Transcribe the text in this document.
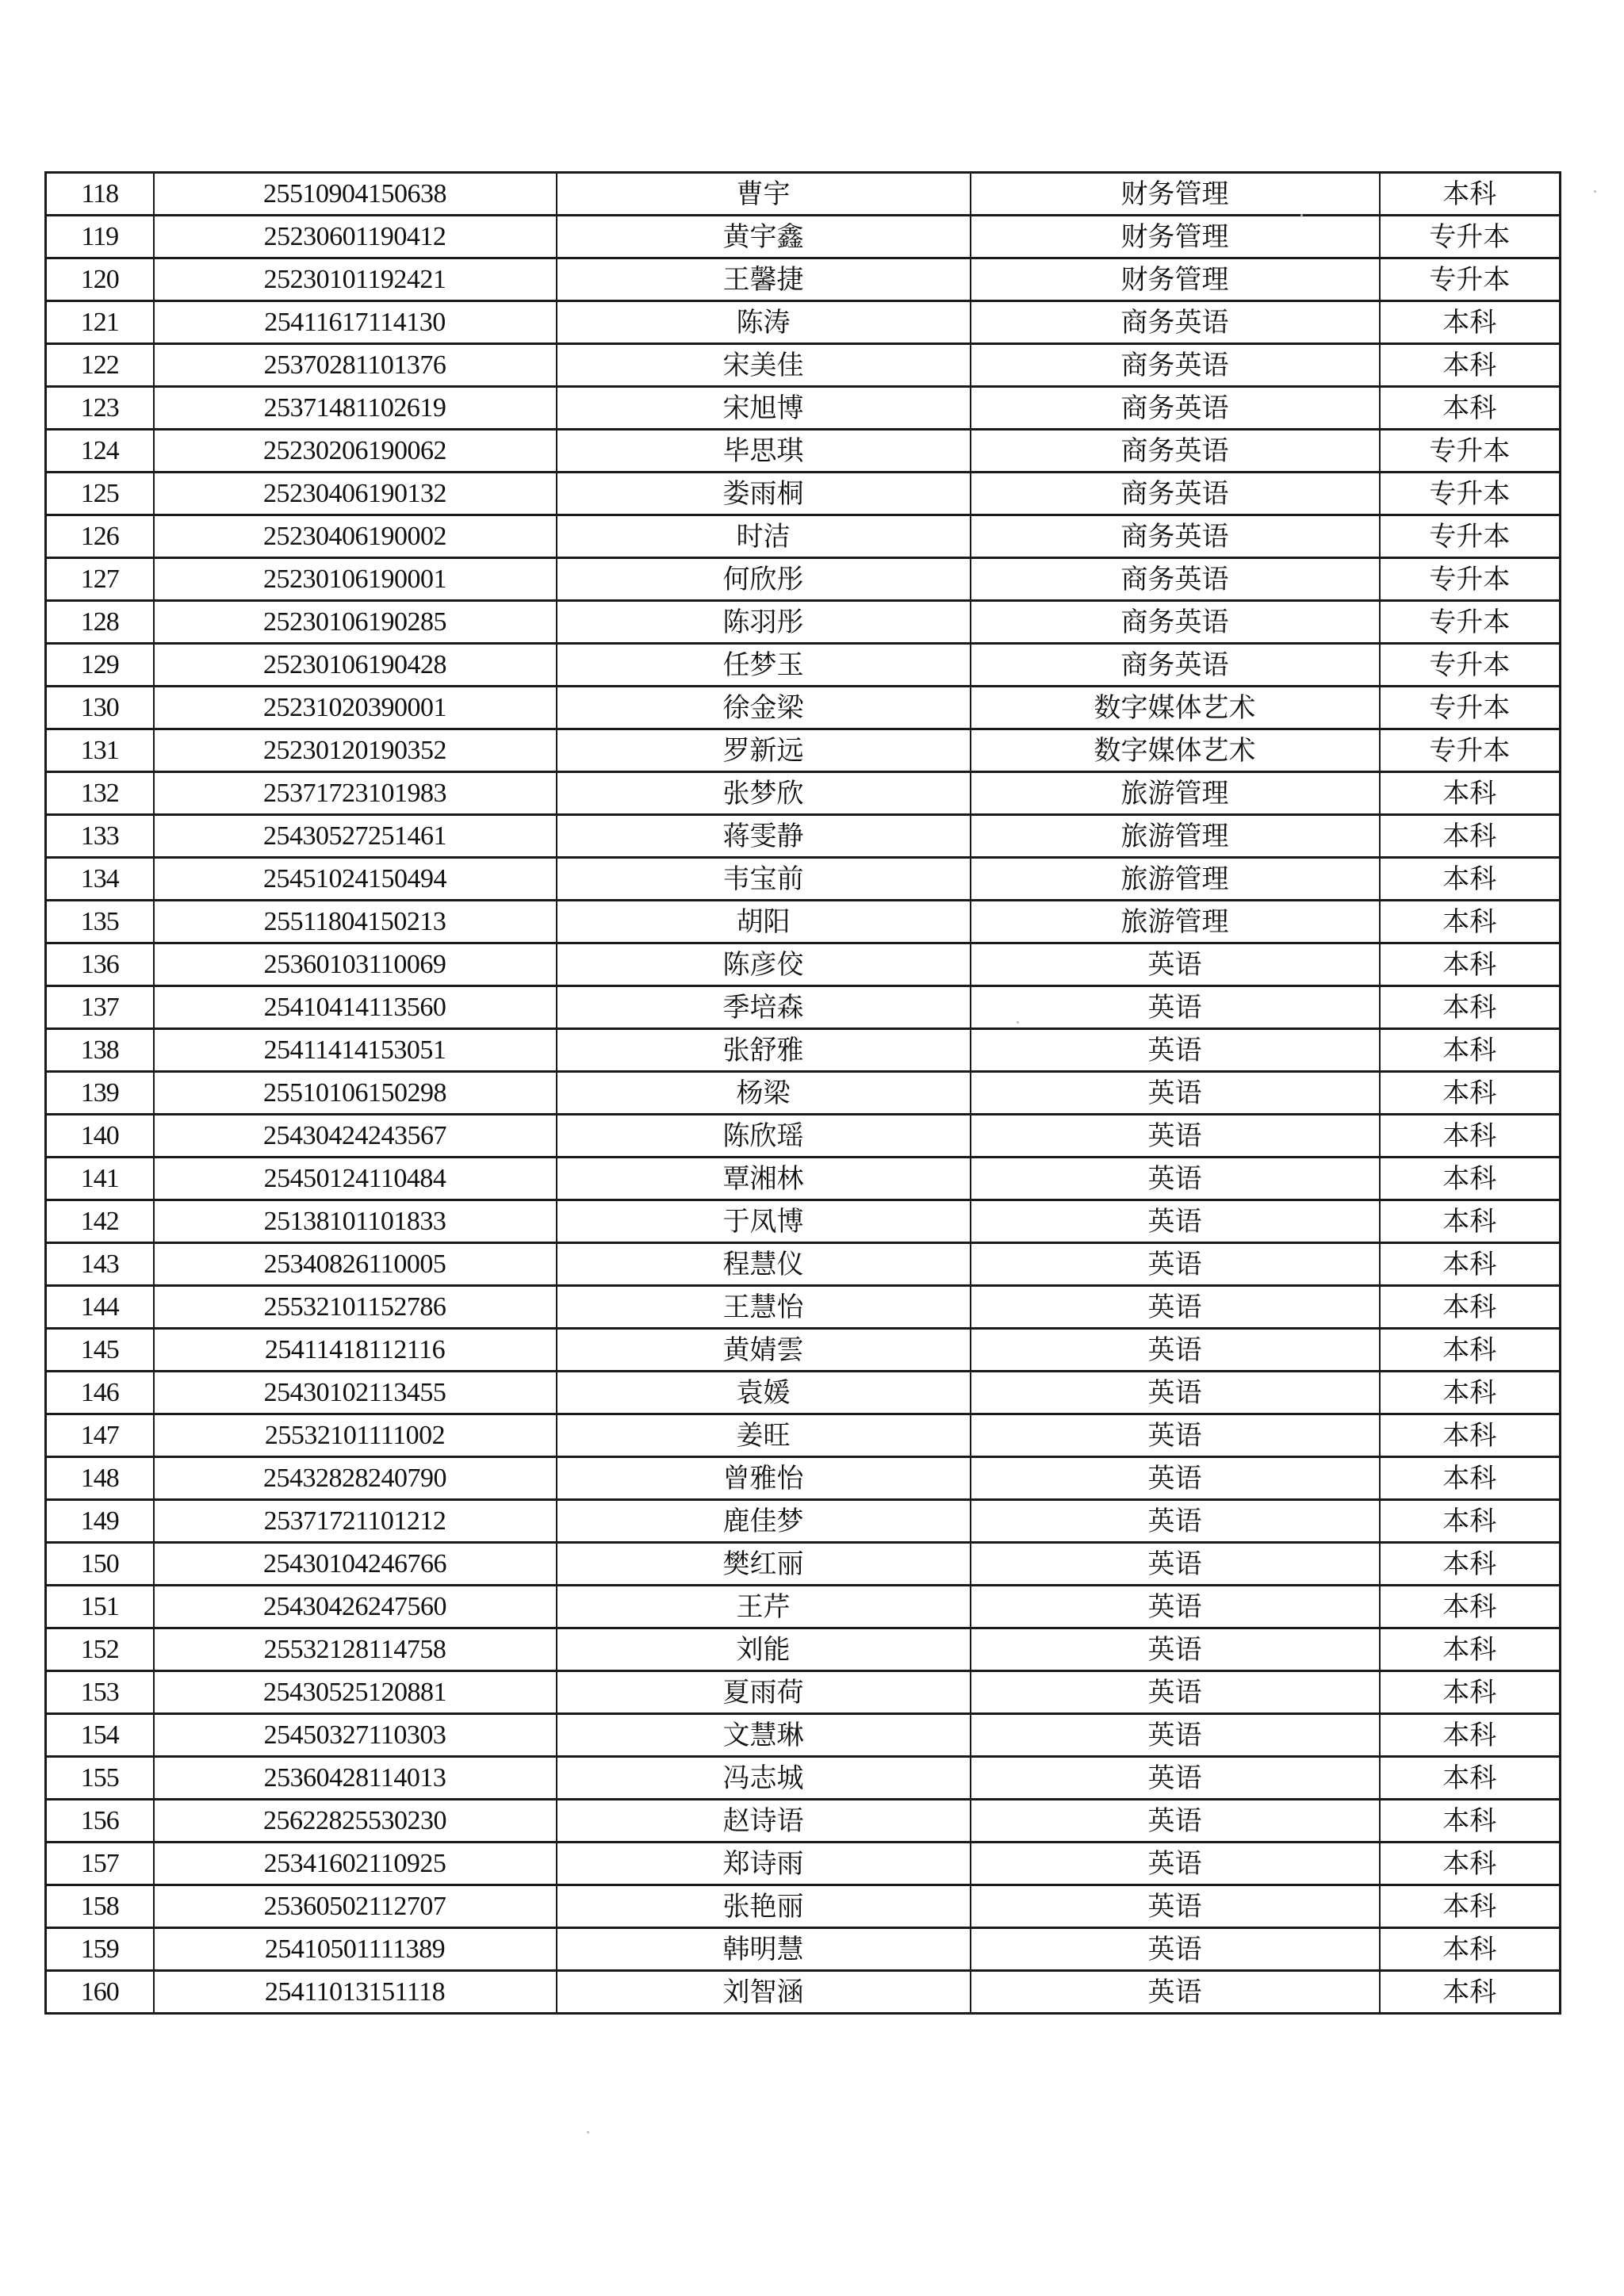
118	25510904150638	曹宇	财务管理	本科
119	25230601190412	黄宇鑫	财务管理	专升本
120	25230101192421	王馨捷	财务管理	专升本
121	25411617114130	陈涛	商务英语	本科
122	25370281101376	宋美佳	商务英语	本科
123	25371481102619	宋旭博	商务英语	本科
124	25230206190062	毕思琪	商务英语	专升本
125	25230406190132	娄雨桐	商务英语	专升本
126	25230406190002	时洁	商务英语	专升本
127	25230106190001	何欣彤	商务英语	专升本
128	25230106190285	陈羽彤	商务英语	专升本
129	25230106190428	任梦玉	商务英语	专升本
130	25231020390001	徐金梁	数字媒体艺术	专升本
131	25230120190352	罗新远	数字媒体艺术	专升本
132	25371723101983	张梦欣	旅游管理	本科
133	25430527251461	蒋雯静	旅游管理	本科
134	25451024150494	韦宝前	旅游管理	本科
135	25511804150213	胡阳	旅游管理	本科
136	25360103110069	陈彦佼	英语	本科
137	25410414113560	季培森	英语	本科
138	25411414153051	张舒雅	英语	本科
139	25510106150298	杨梁	英语	本科
140	25430424243567	陈欣瑶	英语	本科
141	25450124110484	覃湘林	英语	本科
142	25138101101833	于凤博	英语	本科
143	25340826110005	程慧仪	英语	本科
144	25532101152786	王慧怡	英语	本科
145	25411418112116	黄婧雲	英语	本科
146	25430102113455	袁媛	英语	本科
147	25532101111002	姜旺	英语	本科
148	25432828240790	曾雅怡	英语	本科
149	25371721101212	鹿佳梦	英语	本科
150	25430104246766	樊红丽	英语	本科
151	25430426247560	王芹	英语	本科
152	25532128114758	刘能	英语	本科
153	25430525120881	夏雨荷	英语	本科
154	25450327110303	文慧琳	英语	本科
155	25360428114013	冯志城	英语	本科
156	25622825530230	赵诗语	英语	本科
157	25341602110925	郑诗雨	英语	本科
158	25360502112707	张艳丽	英语	本科
159	25410501111389	韩明慧	英语	本科
160	25411013151118	刘智涵	英语	本科
